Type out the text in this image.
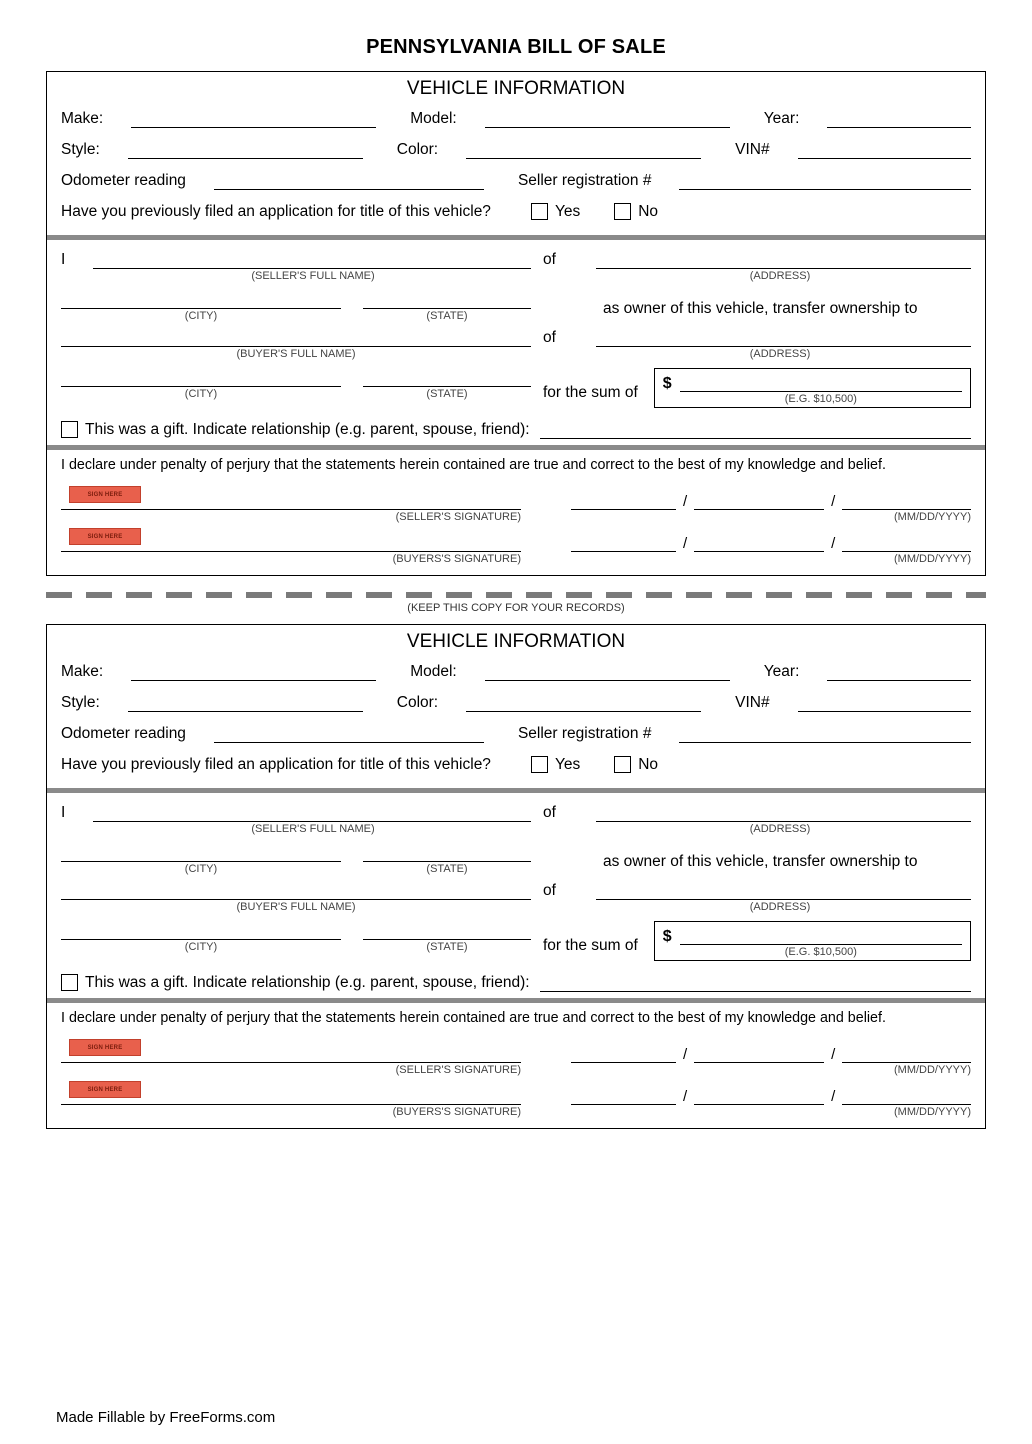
PENNSYLVANIA BILL OF SALE
VEHICLE INFORMATION
Make:	Model:	Year:
Style:	Color:	VIN#
Odometer reading	Seller registration #
Have you previously filed an application for title of this vehicle?	Yes	No
I
(SELLER'S FULL NAME)
of
(ADDRESS)
(CITY)	(STATE)	as owner of this vehicle, transfer ownership to
(BUYER'S FULL NAME)
of
(ADDRESS)
(CITY)	(STATE)	for the sum of
$
(E.G. $10,500)
This was a gift. Indicate relationship (e.g. parent, spouse, friend):
I declare under penalty of perjury that the statements herein contained are true and correct to the best of my knowledge and belief.
SIGN HERE
(SELLER'S SIGNATURE)
/	/
(MM/DD/YYYY)
SIGN HERE
(BUYERS'S SIGNATURE)
/	/
(MM/DD/YYYY)
(KEEP THIS COPY FOR YOUR RECORDS)
VEHICLE INFORMATION
Make:	Model:	Year:
Style:	Color:	VIN#
Odometer reading	Seller registration #
Have you previously filed an application for title of this vehicle?	Yes	No
I
(SELLER'S FULL NAME)
of
(ADDRESS)
(CITY)	(STATE)	as owner of this vehicle, transfer ownership to
(BUYER'S FULL NAME)
of
(ADDRESS)
(CITY)	(STATE)	for the sum of
$
(E.G. $10,500)
This was a gift. Indicate relationship (e.g. parent, spouse, friend):
I declare under penalty of perjury that the statements herein contained are true and correct to the best of my knowledge and belief.
SIGN HERE
(SELLER'S SIGNATURE)
/	/
(MM/DD/YYYY)
SIGN HERE
(BUYERS'S SIGNATURE)
/	/
(MM/DD/YYYY)
Made Fillable by FreeForms.com
